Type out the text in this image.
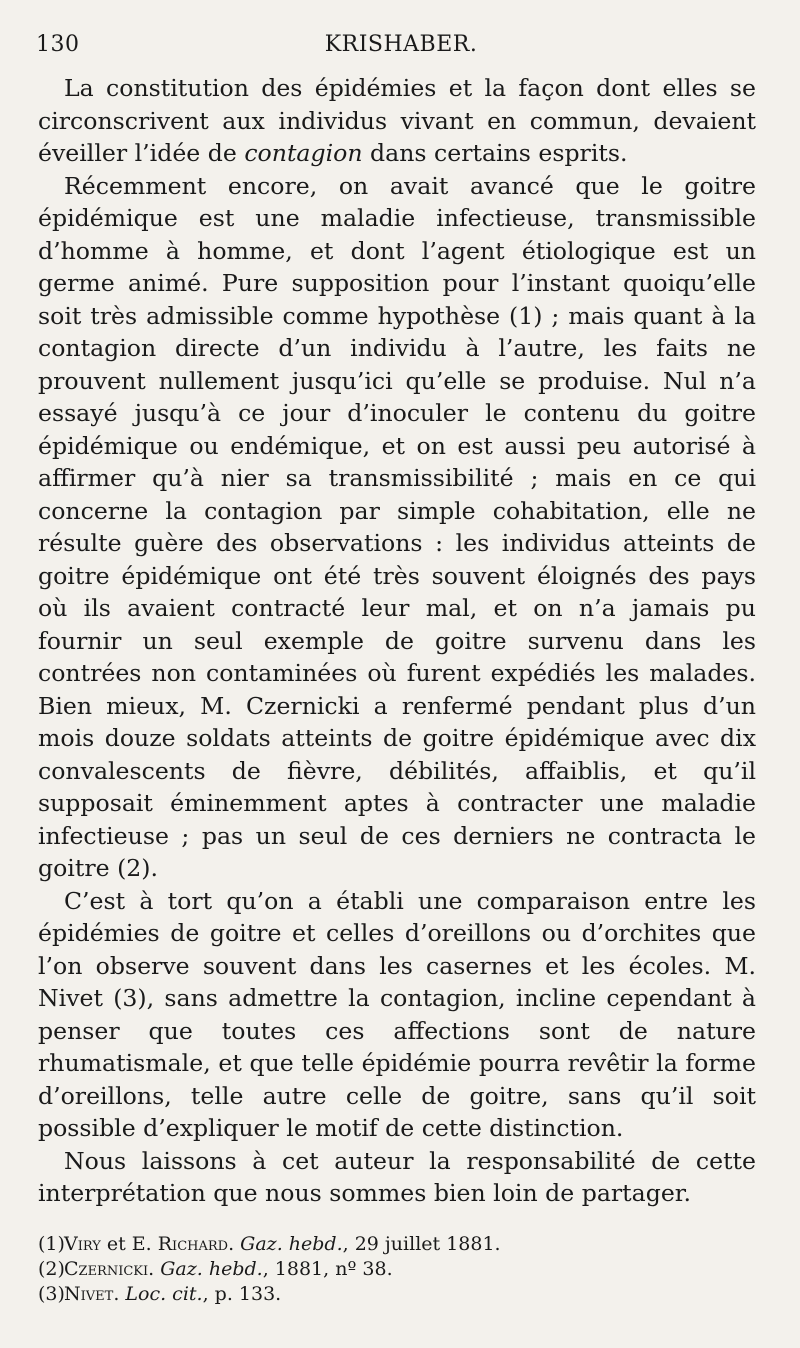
130	KRISHABER.

La constitution des épidémies et la façon dont elles se circonscrivent aux individus vivant en commun, devaient éveiller l’idée de contagion dans certains esprits.

Récemment encore, on avait avancé que le goitre épidémique est une maladie infectieuse, transmissible d’homme à homme, et dont l’agent étiologique est un germe animé. Pure supposition pour l’instant quoiqu’elle soit très admissible comme hypothèse (1) ; mais quant à la contagion directe d’un individu à l’autre, les faits ne prouvent nullement jusqu’ici qu’elle se produise. Nul n’a essayé jusqu’à ce jour d’inoculer le contenu du goitre épidémique ou endémique, et on est aussi peu autorisé à affirmer qu’à nier sa transmissibilité ; mais en ce qui concerne la contagion par simple cohabitation, elle ne résulte guère des observations : les individus atteints de goitre épidémique ont été très souvent éloignés des pays où ils avaient contracté leur mal, et on n’a jamais pu fournir un seul exemple de goitre survenu dans les contrées non contaminées où furent expédiés les malades. Bien mieux, M. Czernicki a renfermé pendant plus d’un mois douze soldats atteints de goitre épidémique avec dix convalescents de fièvre, débilités, affaiblis, et qu’il supposait éminemment aptes à contracter une maladie infectieuse ; pas un seul de ces derniers ne contracta le goitre (2).

C’est à tort qu’on a établi une comparaison entre les épidémies de goitre et celles d’oreillons ou d’orchites que l’on observe souvent dans les casernes et les écoles. M. Nivet (3), sans admettre la contagion, incline cependant à penser que toutes ces affections sont de nature rhumatismale, et que telle épidémie pourra revêtir la forme d’oreillons, telle autre celle de goitre, sans qu’il soit possible d’expliquer le motif de cette distinction.

Nous laissons à cet auteur la responsabilité de cette interprétation que nous sommes bien loin de partager.

(1)Viry et E. Richard. Gaz. hebd., 29 juillet 1881.
(2)Czernicki. Gaz. hebd., 1881, nº 38.
(3)Nivet. Loc. cit., p. 133.
